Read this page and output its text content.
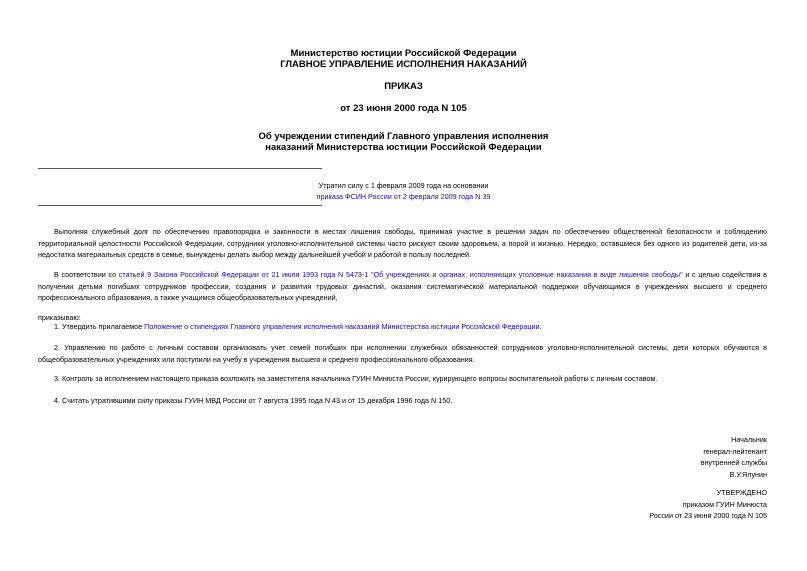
Министерство юстиции Российской Федерации
ГЛАВНОЕ УПРАВЛЕНИЕ ИСПОЛНЕНИЯ НАКАЗАНИЙ
ПРИКАЗ
от 23 июня 2000 года N 105
Об учреждении стипендий Главного управления исполнения
наказаний Министерства юстиции Российской Федерации
Утратил силу с 1 февраля 2009 года на основании
приказа ФСИН России от 2 февраля 2009 года N 39
Выполняя служебный долг по обеспечению правопорядка и законности в местах лишения свободы, принимая участие в решении задач по обеспечению общественной безопасности и соблюдению территориальной целостности Российской Федерации, сотрудники уголовно-исполнительной системы часто рискуют своим здоровьем, а порой и жизнью. Нередко, оставшиеся без одного из родителей дети, из-за недостатка материальных средств в семье, вынуждены делать выбор между дальнейшей учебой и работой в пользу последней.
В соответствии со статьей 9 Закона Российской Федерации от 21 июля 1993 года N 5473-1 "Об учреждениях и органах, исполняющих уголовные наказания в виде лишения свободы" и с целью содействия в получении детьми погибших сотрудников профессии, создания и развития трудовых династий, оказания систематической материальной поддержки обучающимся в учреждениях высшего и среднего профессионального образования, а также учащимся общеобразовательных учреждений,
приказываю:
1. Утвердить прилагаемое Положение о стипендиях Главного управления исполнения наказаний Министерства юстиции Российской Федерации.
2. Управлению по работе с личным составом организовать учет семей погибших при исполнении служебных обязанностей сотрудников уголовно-исполнительной системы, дети которых обучаются в общеобразовательных учреждениях или поступили на учебу в учреждения высшего и среднего профессионального образования.
3. Контроль за исполнением настоящего приказа возложить на заместителя начальника ГУИН Минюста России, курирующего вопросы воспитательной работы с личным составом.
4. Считать утратившими силу приказы ГУИН МВД России от 7 августа 1995 года N 43 и от 15 декабря 1996 года N 150.
Начальник
генерал-лейтенант
внутренней службы
В.У.Ялунин
УТВЕРЖДЕНО
приказом ГУИН Минюста
России от 23 июня 2000 года N 105
